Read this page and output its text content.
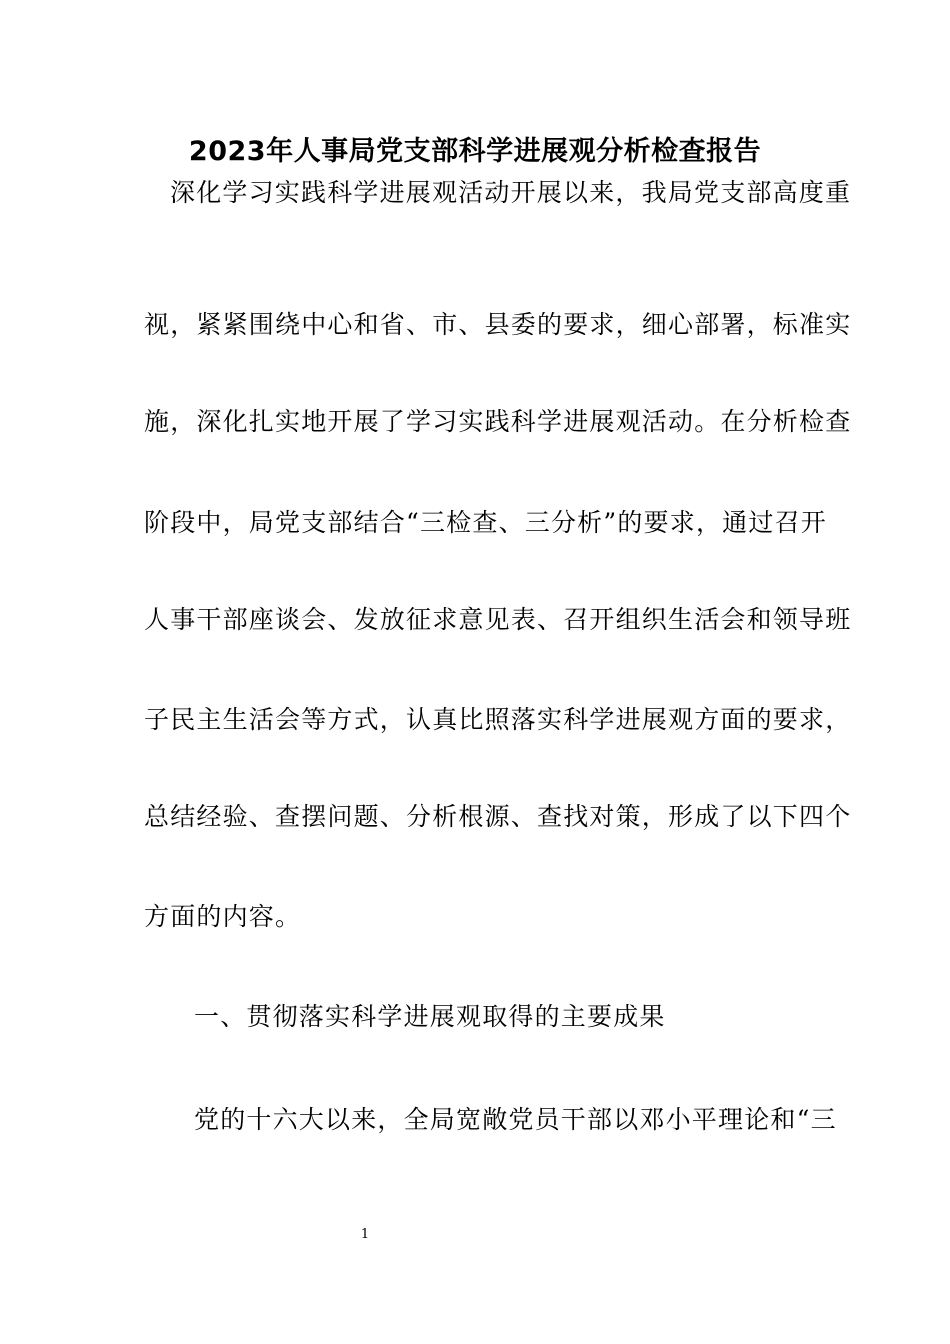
2023年人事局党支部科学进展观分析检查报告
深化学习实践科学进展观活动开展以来，我局党支部高度重
视，紧紧围绕中心和省、市、县委的要求，细心部署，标准实
施，深化扎实地开展了学习实践科学进展观活动。在分析检查
阶段中，局党支部结合“三检查、三分析”的要求，通过召开
人事干部座谈会、发放征求意见表、召开组织生活会和领导班
子民主生活会等方式，认真比照落实科学进展观方面的要求，
总结经验、查摆问题、分析根源、查找对策，形成了以下四个
方面的内容。
一、贯彻落实科学进展观取得的主要成果
党的十六大以来，全局宽敞党员干部以邓小平理论和“三
1
